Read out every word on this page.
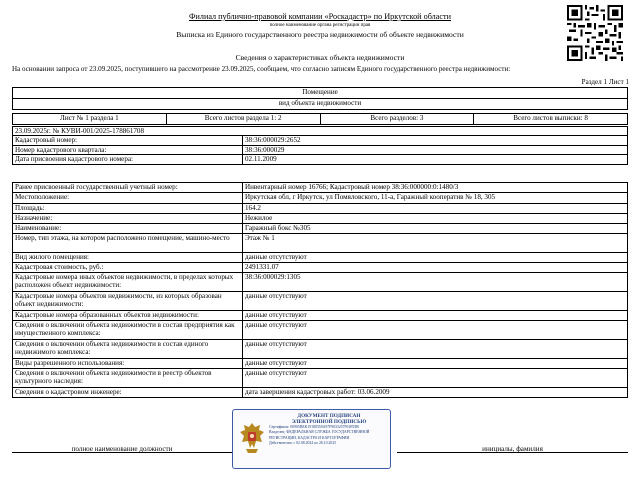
Филиал публично-правовой компании «Роскадастр» по Иркутской области
полное наименование органа регистрации прав
Выписка из Единого государственного реестра недвижимости об объекте недвижимости
Сведения о характеристиках объекта недвижимости
На основании запроса от 23.09.2025, поступившего на рассмотрение 23.09.2025, сообщаем, что согласно записям Единого государственного реестра недвижимости:
Раздел 1 Лист 1
Помещение
вид объекта недвижимости
Лист № 1 раздела 1	Всего листов раздела 1: 2	Всего разделов: 3	Всего листов выписки: 8
23.09.2025г. № КУВИ-001/2025-178861708	
Кадастровый номер:	38:36:000029:2652
Номер кадастрового квартала:	38:36:000029
Дата присвоения кадастрового номера:	02.11.2009
Ранее присвоенный государственный учетный номер:	Инвентарный номер 16766; Кадастровый номер 38:36:000000:0:1480/3
Местоположение:	Иркутская обл, г Иркутск, ул Помяловского, 11-а, Гаражный кооператив № 18, 305
Площадь:	164.2
Назначение:	Нежилое
Наименование:	Гаражный бокс №305
Номер, тип этажа, на котором расположено помещение, машино-место	Этаж № 1
Вид жилого помещения:	данные отсутствуют
Кадастровая стоимость, руб.:	2491331.07
Кадастровые номера иных объектов недвижимости, в пределах которых расположен объект недвижимости:	38:36:000029:1305
Кадастровые номера объектов недвижимости, из которых образован объект недвижимости:	данные отсутствуют
Кадастровые номера образованных объектов недвижимости:	данные отсутствуют
Сведения о включении объекта недвижимости в состав предприятия как имущественного комплекса:	данные отсутствуют
Сведения о включении объекта недвижимости в состав единого недвижимого комплекса:	данные отсутствуют
Виды разрешенного использования:	данные отсутствуют
Сведения о включении объекта недвижимости в реестр объектов культурного наследия:	данные отсутствуют
Сведения о кадастровом инженере:	дата завершения кадастровых работ: 03.06.2009
ДОКУМЕНТ ПОДПИСАН
ЭЛЕКТРОННОЙ ПОДПИСЬЮ
Сертификат: 00905BEK19188350A97F9033257991E9D0
Владелец: ФЕДЕРАЛЬНАЯ СЛУЖБА ГОСУДАРСТВЕННОЙ РЕГИСТРАЦИИ, КАДАСТРА И КАРТОГРАФИИ
Действителен: с 02.08.2024 по 26.10.2025
полное наименование должности	инициалы, фамилия
